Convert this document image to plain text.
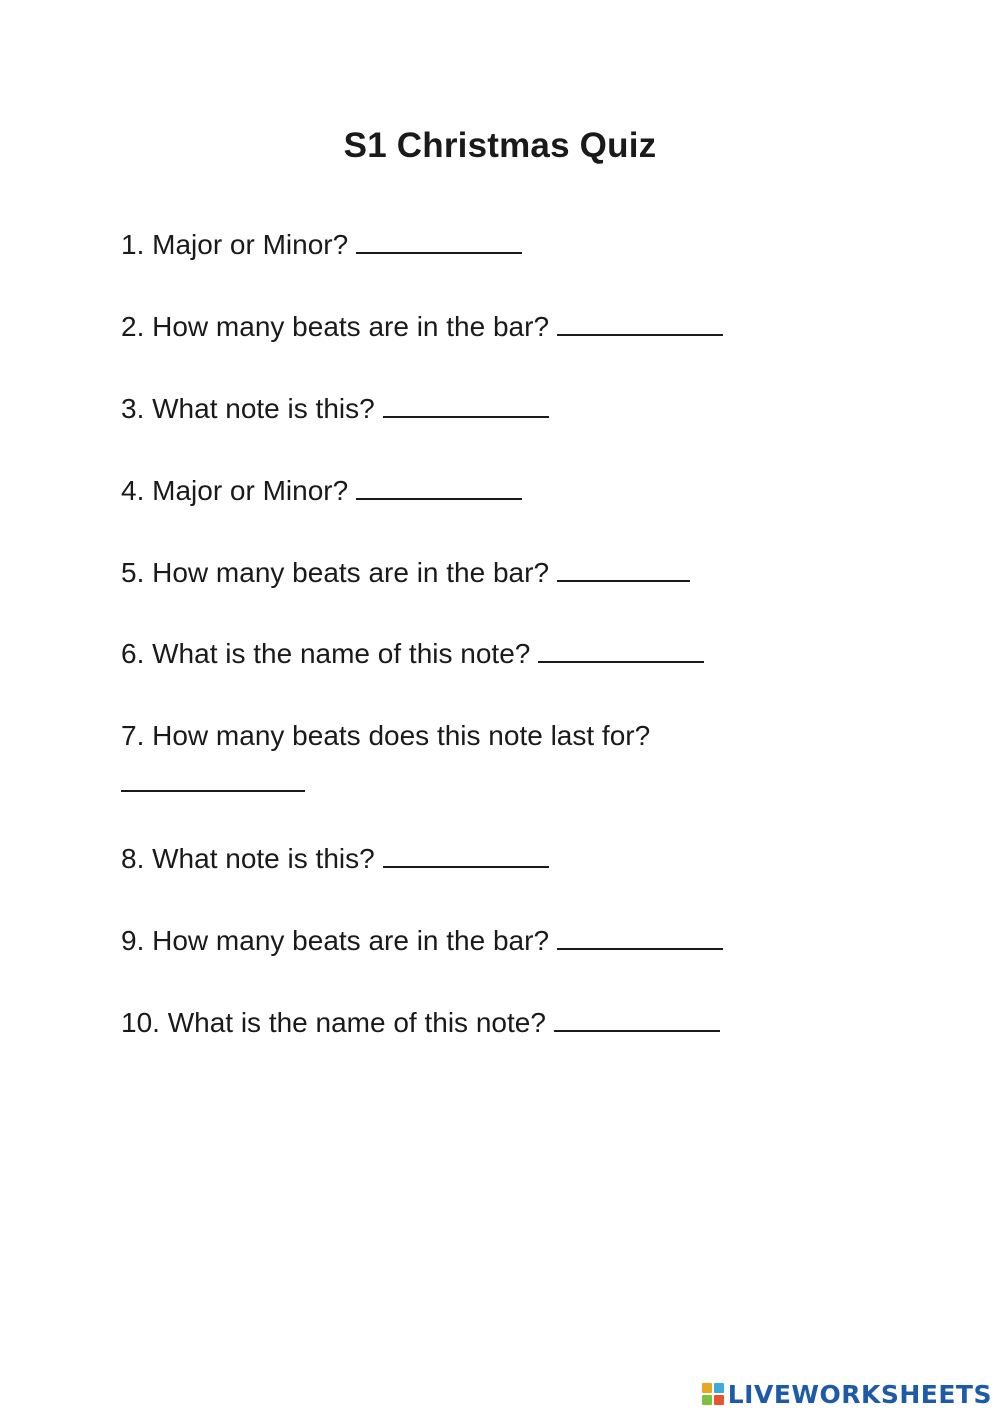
S1 Christmas Quiz
1. Major or Minor?
2. How many beats are in the bar?
3. What note is this?
4. Major or Minor?
5. How many beats are in the bar?
6. What is the name of this note?
7. How many beats does this note last for?
8. What note is this?
9. How many beats are in the bar?
10. What is the name of this note?
LIVEWORKSHEETS
